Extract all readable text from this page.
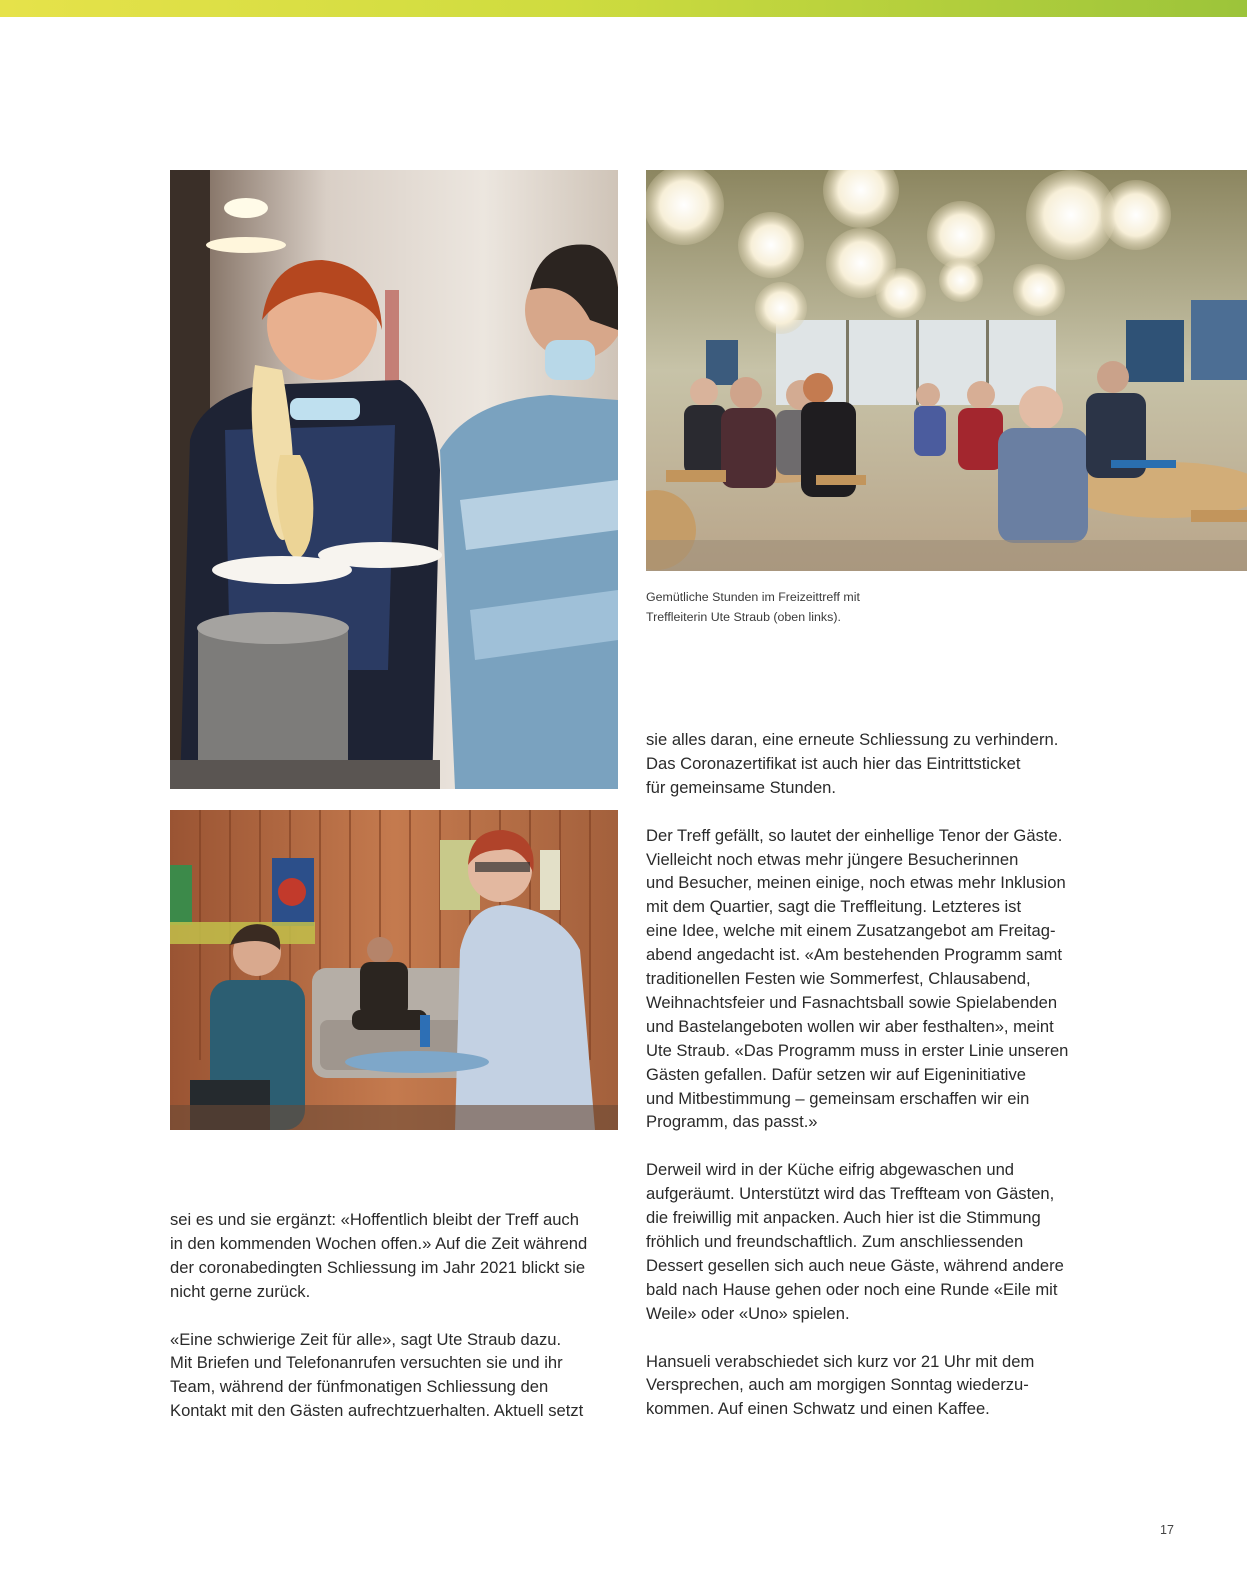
Gemütliche Stunden im Freizeittreff mit
Treffleiterin Ute Straub (oben links).

sei es und sie ergänzt: «Hoffentlich bleibt der Treff auch
in den kommenden Wochen offen.» Auf die Zeit während
der coronabedingten Schliessung im Jahr 2021 blickt sie
nicht gerne zurück.

«Eine schwierige Zeit für alle», sagt Ute Straub dazu.
Mit Briefen und Telefonanrufen versuchten sie und ihr
Team, während der fünfmonatigen Schliessung den
Kontakt mit den Gästen aufrechtzuerhalten. Aktuell setzt

sie alles daran, eine erneute Schliessung zu verhindern.
Das Coronazertifikat ist auch hier das Eintrittsticket
für gemeinsame Stunden.

Der Treff gefällt, so lautet der einhellige Tenor der Gäste.
Vielleicht noch etwas mehr jüngere Besucherinnen
und Besucher, meinen einige, noch etwas mehr Inklusion
mit dem Quartier, sagt die Treffleitung. Letzteres ist
eine Idee, welche mit einem Zusatzangebot am Freitag-
abend angedacht ist. «Am bestehenden Programm samt
traditionellen Festen wie Sommerfest, Chlausabend,
Weihnachtsfeier und Fasnachtsball sowie Spielabenden
und Bastelangeboten wollen wir aber festhalten», meint
Ute Straub. «Das Programm muss in erster Linie unseren
Gästen gefallen. Dafür setzen wir auf Eigeninitiative
und Mitbestimmung – gemeinsam erschaffen wir ein
Programm, das passt.»

Derweil wird in der Küche eifrig abgewaschen und
aufgeräumt. Unterstützt wird das Treffteam von Gästen,
die freiwillig mit anpacken. Auch hier ist die Stimmung
fröhlich und freundschaftlich. Zum anschliessenden
Dessert gesellen sich auch neue Gäste, während andere
bald nach Hause gehen oder noch eine Runde «Eile mit
Weile» oder «Uno» spielen.

Hansueli verabschiedet sich kurz vor 21 Uhr mit dem
Versprechen, auch am morgigen Sonntag wiederzu-
kommen. Auf einen Schwatz und einen Kaffee.

17
